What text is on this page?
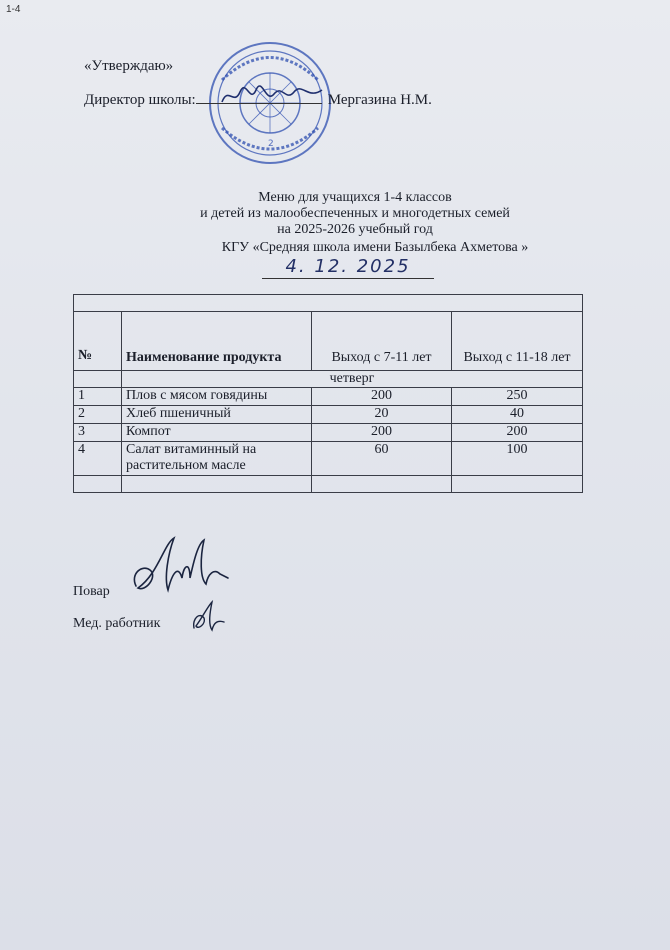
1-4
«Утверждаю»
2
Директор школы:	Мергазина Н.М.
Меню для учащихся 1-4 классов
и детей из малообеспеченных и многодетных семей
на 2025-2026 учебный год
КГУ «Средняя школа имени Базылбека Ахметова »
4. 12. 2025

№	Наименование продукта	Выход с 7-11 лет	Выход с 11-18 лет
	четверг		
1	Плов с мясом говядины	200	250
2	Хлеб пшеничный	20	40
3	Компот	200	200
4	Салат витаминный на растительном масле	60	100

Повар
Мед. работник
